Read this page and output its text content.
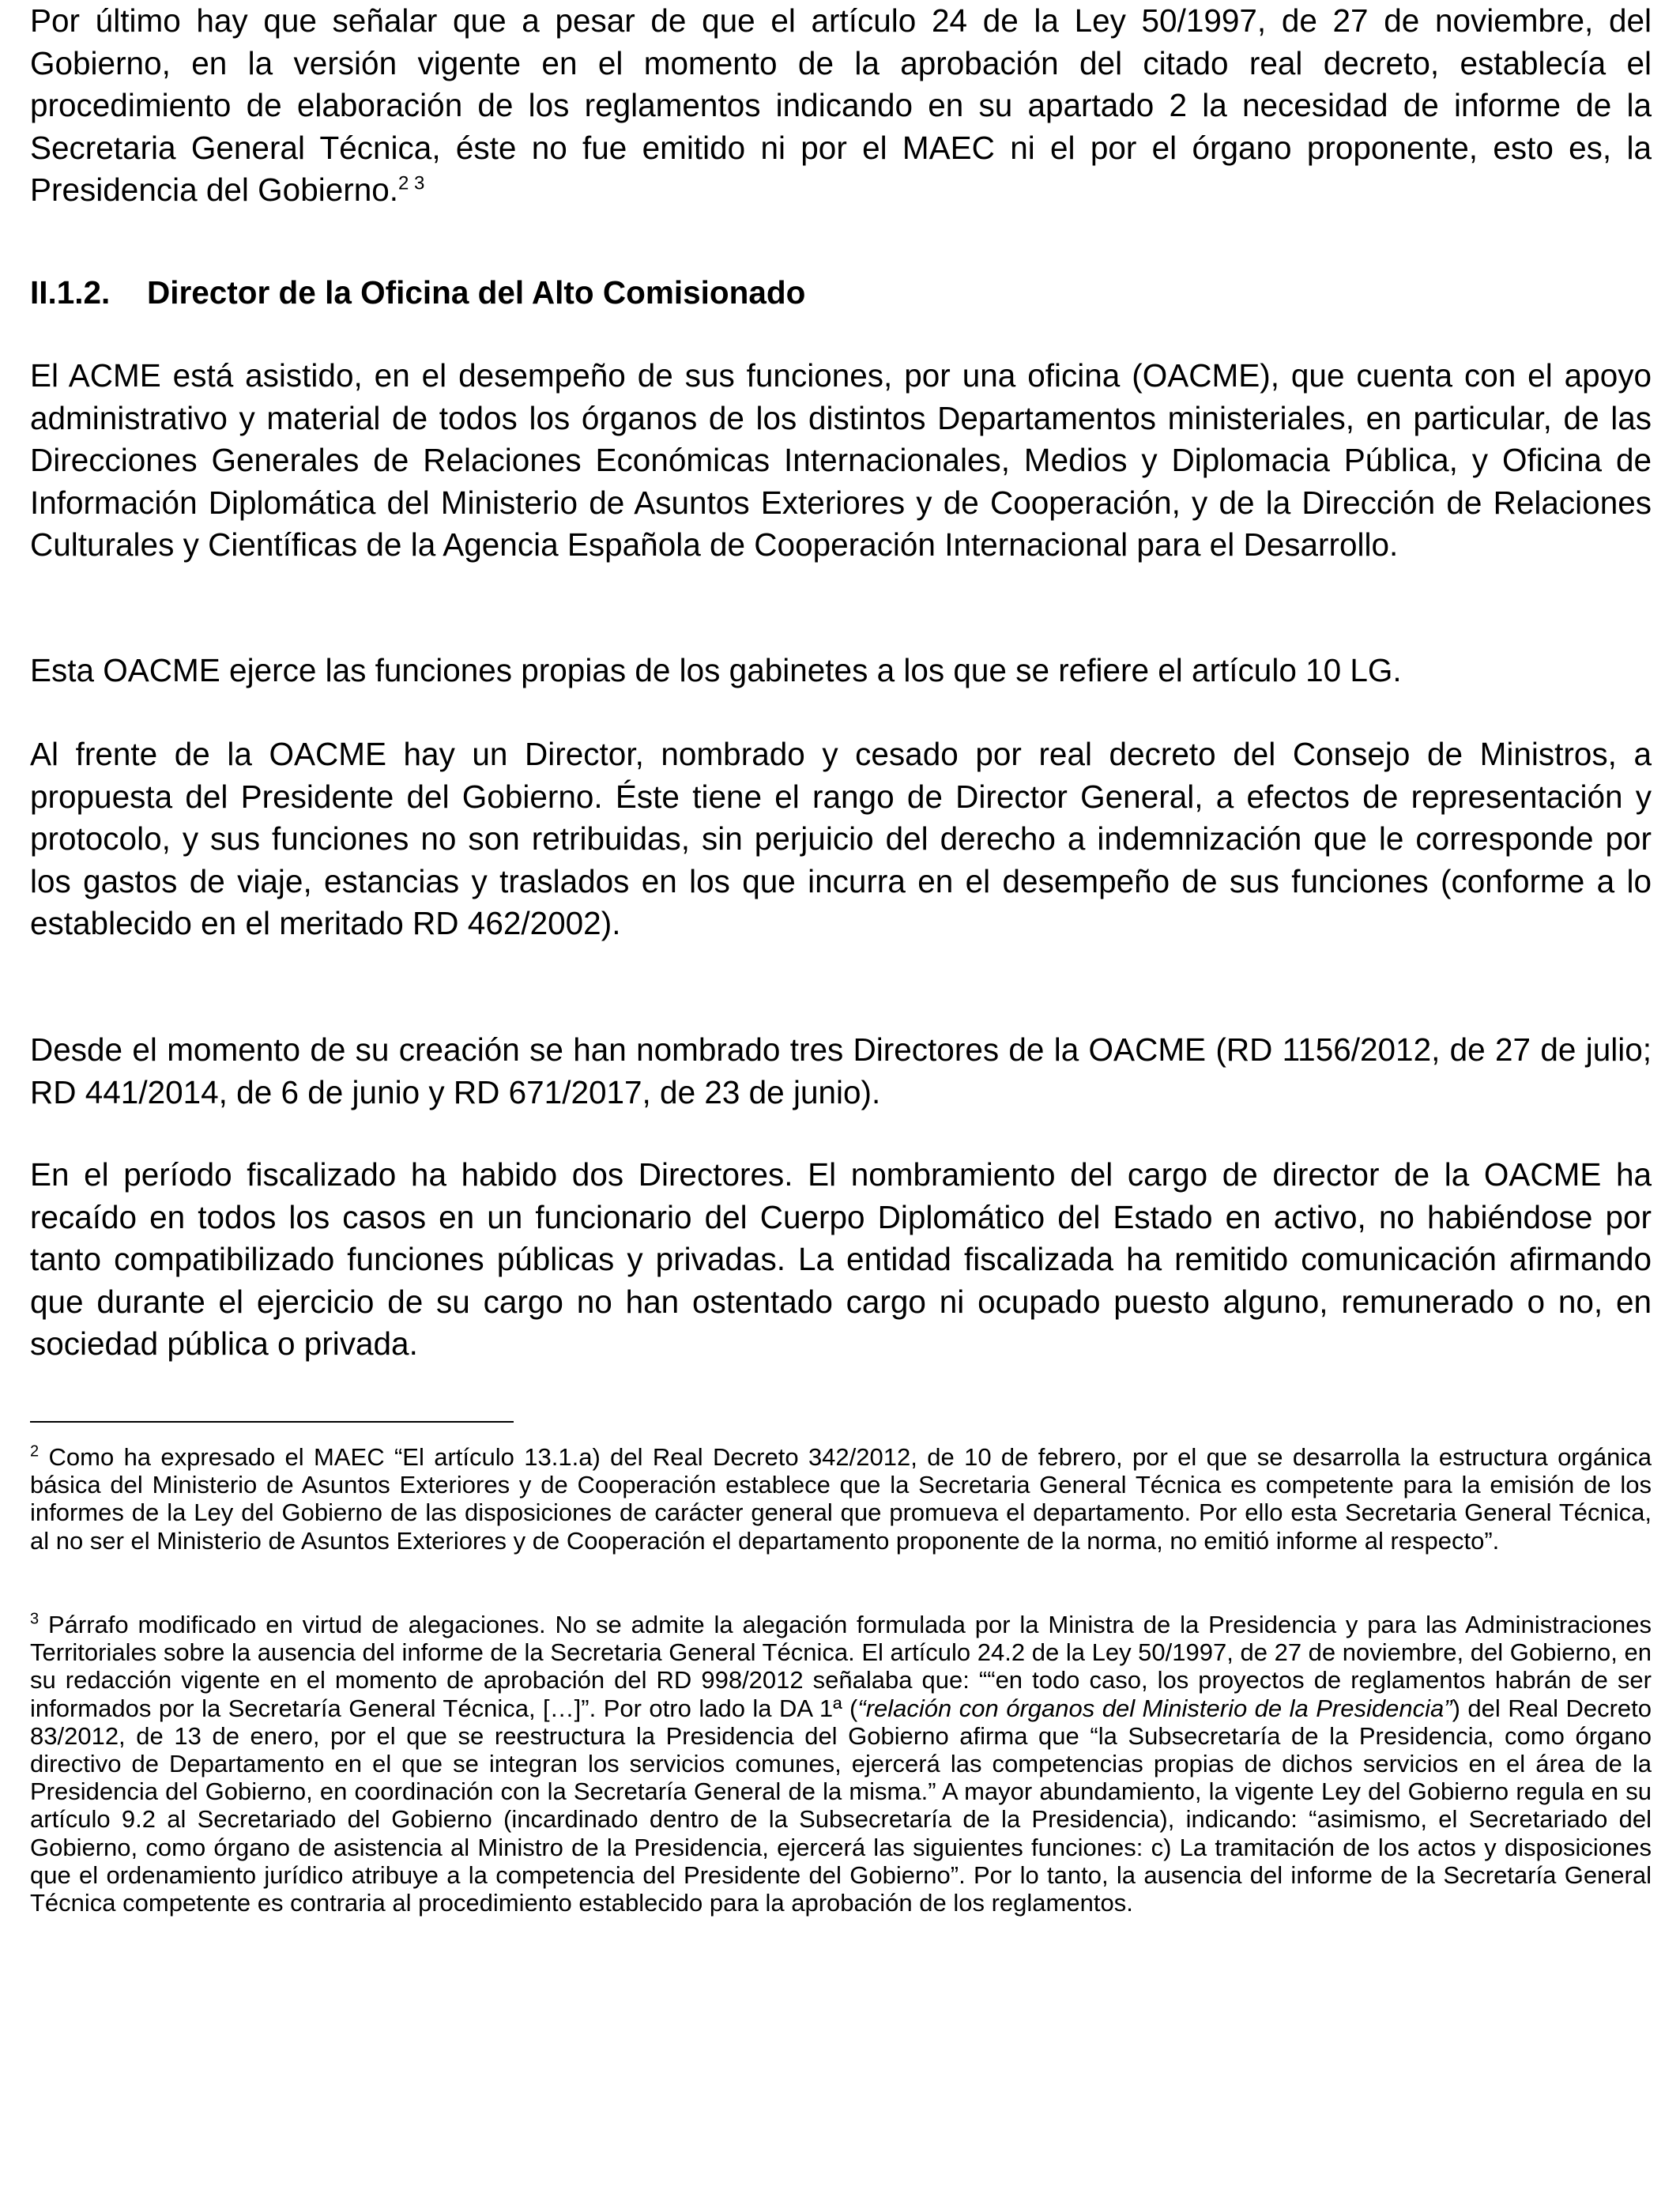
Por último hay que señalar que a pesar de que el artículo 24 de la Ley 50/1997, de 27 de noviembre, del Gobierno, en la versión vigente en el momento de la aprobación del citado real decreto, establecía el procedimiento de elaboración de los reglamentos indicando en su apartado 2 la necesidad de informe de la Secretaria General Técnica, éste no fue emitido ni por el MAEC ni el por el órgano proponente, esto es, la Presidencia del Gobierno.$^{2 3}$

II.1.2. Director de la Oficina del Alto Comisionado

El ACME está asistido, en el desempeño de sus funciones, por una oficina (OACME), que cuenta con el apoyo administrativo y material de todos los órganos de los distintos Departamentos ministeriales, en particular, de las Direcciones Generales de Relaciones Económicas Internacionales, Medios y Diplomacia Pública, y Oficina de Información Diplomática del Ministerio de Asuntos Exteriores y de Cooperación, y de la Dirección de Relaciones Culturales y Científicas de la Agencia Española de Cooperación Internacional para el Desarrollo.

Esta OACME ejerce las funciones propias de los gabinetes a los que se refiere el artículo 10 LG.

Al frente de la OACME hay un Director, nombrado y cesado por real decreto del Consejo de Ministros, a propuesta del Presidente del Gobierno. Éste tiene el rango de Director General, a efectos de representación y protocolo, y sus funciones no son retribuidas, sin perjuicio del derecho a indemnización que le corresponde por los gastos de viaje, estancias y traslados en los que incurra en el desempeño de sus funciones (conforme a lo establecido en el meritado RD 462/2002).

Desde el momento de su creación se han nombrado tres Directores de la OACME (RD 1156/2012, de 27 de julio; RD 441/2014, de 6 de junio y RD 671/2017, de 23 de junio).

En el período fiscalizado ha habido dos Directores. El nombramiento del cargo de director de la OACME ha recaído en todos los casos en un funcionario del Cuerpo Diplomático del Estado en activo, no habiéndose por tanto compatibilizado funciones públicas y privadas. La entidad fiscalizada ha remitido comunicación afirmando que durante el ejercicio de su cargo no han ostentado cargo ni ocupado puesto alguno, remunerado o no, en sociedad pública o privada.

$^2$ Como ha expresado el MAEC “El artículo 13.1.a) del Real Decreto 342/2012, de 10 de febrero, por el que se desarrolla la estructura orgánica básica del Ministerio de Asuntos Exteriores y de Cooperación establece que la Secretaria General Técnica es competente para la emisión de los informes de la Ley del Gobierno de las disposiciones de carácter general que promueva el departamento. Por ello esta Secretaria General Técnica, al no ser el Ministerio de Asuntos Exteriores y de Cooperación el departamento proponente de la norma, no emitió informe al respecto”.

$^3$ Párrafo modificado en virtud de alegaciones. No se admite la alegación formulada por la Ministra de la Presidencia y para las Administraciones Territoriales sobre la ausencia del informe de la Secretaria General Técnica. El artículo 24.2 de la Ley 50/1997, de 27 de noviembre, del Gobierno, en su redacción vigente en el momento de aprobación del RD 998/2012 señalaba que: ““en todo caso, los proyectos de reglamentos habrán de ser informados por la Secretaría General Técnica, […]”. Por otro lado la DA 1ª (“relación con órganos del Ministerio de la Presidencia”) del Real Decreto 83/2012, de 13 de enero, por el que se reestructura la Presidencia del Gobierno afirma que “la Subsecretaría de la Presidencia, como órgano directivo de Departamento en el que se integran los servicios comunes, ejercerá las competencias propias de dichos servicios en el área de la Presidencia del Gobierno, en coordinación con la Secretaría General de la misma.” A mayor abundamiento, la vigente Ley del Gobierno regula en su artículo 9.2 al Secretariado del Gobierno (incardinado dentro de la Subsecretaría de la Presidencia), indicando: “asimismo, el Secretariado del Gobierno, como órgano de asistencia al Ministro de la Presidencia, ejercerá las siguientes funciones: c) La tramitación de los actos y disposiciones que el ordenamiento jurídico atribuye a la competencia del Presidente del Gobierno”. Por lo tanto, la ausencia del informe de la Secretaría General Técnica competente es contraria al procedimiento establecido para la aprobación de los reglamentos.
